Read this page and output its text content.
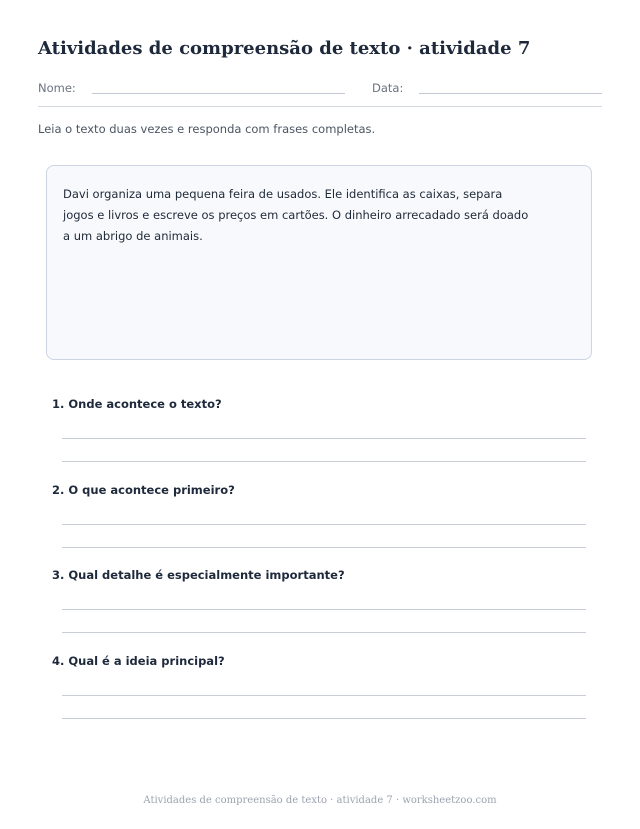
Atividades de compreensão de texto · atividade 7
Nome:	Data:
Leia o texto duas vezes e responda com frases completas.

Davi organiza uma pequena feira de usados. Ele identifica as caixas, separa jogos e livros e escreve os preços em cartões. O dinheiro arrecadado será doado a um abrigo de animais.

1. Onde acontece o texto?
2. O que acontece primeiro?
3. Qual detalhe é especialmente importante?
4. Qual é a ideia principal?
Atividades de compreensão de texto · atividade 7 · worksheetzoo.com
